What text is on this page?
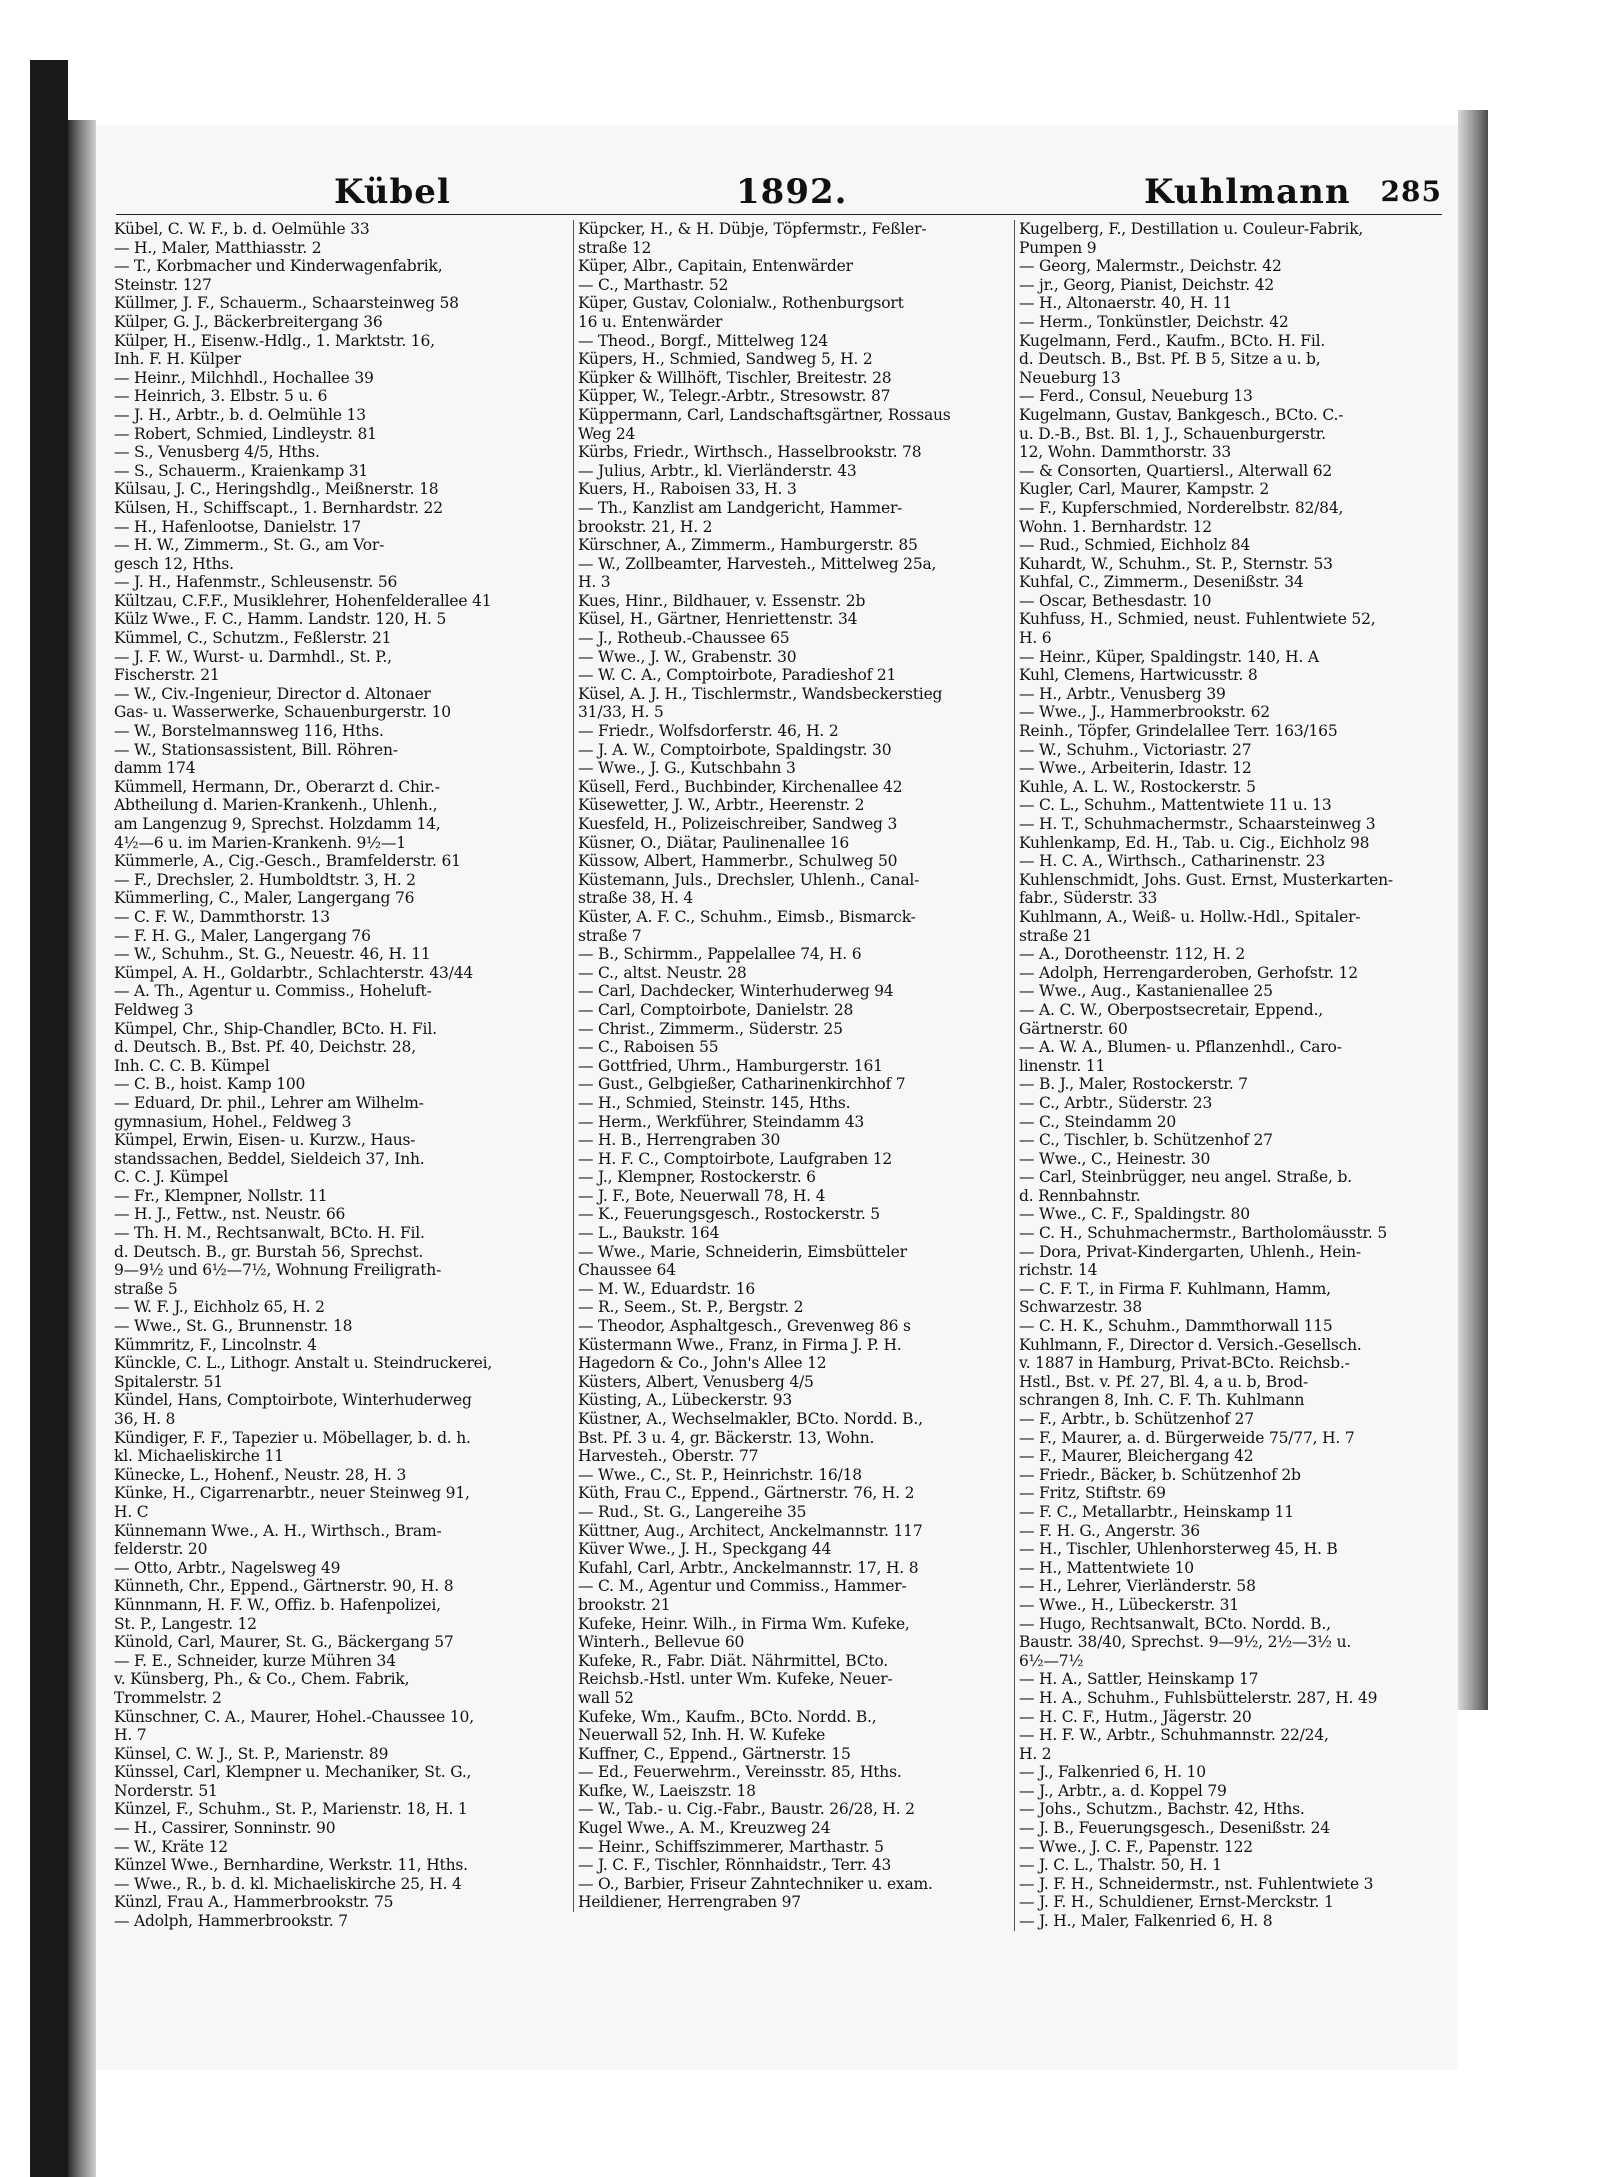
Kübel	1892.	Kuhlmann 285
Kübel, C. W. F., b. d. Oelmühle 33
— H., Maler, Matthiasstr. 2
— T., Korbmacher und Kinderwagenfabrik,
Steinstr. 127
Küllmer, J. F., Schauerm., Schaarsteinweg 58
Külper, G. J., Bäckerbreitergang 36
Külper, H., Eisenw.-Hdlg., 1. Marktstr. 16,
Inh. F. H. Külper
— Heinr., Milchhdl., Hochallee 39
— Heinrich, 3. Elbstr. 5 u. 6
— J. H., Arbtr., b. d. Oelmühle 13
— Robert, Schmied, Lindleystr. 81
— S., Venusberg 4/5, Hths.
— S., Schauerm., Kraienkamp 31
Külsau, J. C., Heringshdlg., Meißnerstr. 18
Külsen, H., Schiffscapt., 1. Bernhardstr. 22
— H., Hafenlootse, Danielstr. 17
— H. W., Zimmerm., St. G., am Vor-
gesch 12, Hths.
— J. H., Hafenmstr., Schleusenstr. 56
Kültzau, C.F.F., Musiklehrer, Hohenfelderallee 41
Külz Wwe., F. C., Hamm. Landstr. 120, H. 5
Kümmel, C., Schutzm., Feßlerstr. 21
— J. F. W., Wurst- u. Darmhdl., St. P.,
Fischerstr. 21
— W., Civ.-Ingenieur, Director d. Altonaer
Gas- u. Wasserwerke, Schauenburgerstr. 10
— W., Borstelmannsweg 116, Hths.
— W., Stationsassistent, Bill. Röhren-
damm 174
Kümmell, Hermann, Dr., Oberarzt d. Chir.-
Abtheilung d. Marien-Krankenh., Uhlenh.,
am Langenzug 9, Sprechst. Holzdamm 14,
4½—6 u. im Marien-Krankenh. 9½—1
Kümmerle, A., Cig.-Gesch., Bramfelderstr. 61
— F., Drechsler, 2. Humboldtstr. 3, H. 2
Kümmerling, C., Maler, Langergang 76
— C. F. W., Dammthorstr. 13
— F. H. G., Maler, Langergang 76
— W., Schuhm., St. G., Neuestr. 46, H. 11
Kümpel, A. H., Goldarbtr., Schlachterstr. 43/44
— A. Th., Agentur u. Commiss., Hoheluft-
Feldweg 3
Kümpel, Chr., Ship-Chandler, BCto. H. Fil.
d. Deutsch. B., Bst. Pf. 40, Deichstr. 28,
Inh. C. C. B. Kümpel
— C. B., hoist. Kamp 100
— Eduard, Dr. phil., Lehrer am Wilhelm-
gymnasium, Hohel., Feldweg 3
Kümpel, Erwin, Eisen- u. Kurzw., Haus-
standssachen, Beddel, Sieldeich 37, Inh.
C. C. J. Kümpel
— Fr., Klempner, Nollstr. 11
— H. J., Fettw., nst. Neustr. 66
— Th. H. M., Rechtsanwalt, BCto. H. Fil.
d. Deutsch. B., gr. Burstah 56, Sprechst.
9—9½ und 6½—7½, Wohnung Freiligrath-
straße 5
— W. F. J., Eichholz 65, H. 2
— Wwe., St. G., Brunnenstr. 18
Kümmritz, F., Lincolnstr. 4
Künckle, C. L., Lithogr. Anstalt u. Steindruckerei,
Spitalerstr. 51
Kündel, Hans, Comptoirbote, Winterhuderweg
36, H. 8
Kündiger, F. F., Tapezier u. Möbellager, b. d. h.
kl. Michaeliskirche 11
Künecke, L., Hohenf., Neustr. 28, H. 3
Künke, H., Cigarrenarbtr., neuer Steinweg 91,
H. C
Künnemann Wwe., A. H., Wirthsch., Bram-
felderstr. 20
— Otto, Arbtr., Nagelsweg 49
Künneth, Chr., Eppend., Gärtnerstr. 90, H. 8
Künnmann, H. F. W., Offiz. b. Hafenpolizei,
St. P., Langestr. 12
Künold, Carl, Maurer, St. G., Bäckergang 57
— F. E., Schneider, kurze Mühren 34
v. Künsberg, Ph., & Co., Chem. Fabrik,
Trommelstr. 2
Künschner, C. A., Maurer, Hohel.-Chaussee 10,
H. 7
Künsel, C. W. J., St. P., Marienstr. 89
Künssel, Carl, Klempner u. Mechaniker, St. G.,
Norderstr. 51
Künzel, F., Schuhm., St. P., Marienstr. 18, H. 1
— H., Cassirer, Sonninstr. 90
— W., Kräte 12
Künzel Wwe., Bernhardine, Werkstr. 11, Hths.
— Wwe., R., b. d. kl. Michaeliskirche 25, H. 4
Künzl, Frau A., Hammerbrookstr. 75
— Adolph, Hammerbrookstr. 7
Küpcker, H., & H. Dübje, Töpfermstr., Feßler-
straße 12
Küper, Albr., Capitain, Entenwärder
— C., Marthastr. 52
Küper, Gustav, Colonialw., Rothenburgsort
16 u. Entenwärder
— Theod., Borgf., Mittelweg 124
Küpers, H., Schmied, Sandweg 5, H. 2
Küpker & Willhöft, Tischler, Breitestr. 28
Küpper, W., Telegr.-Arbtr., Stresowstr. 87
Küppermann, Carl, Landschaftsgärtner, Rossaus
Weg 24
Kürbs, Friedr., Wirthsch., Hasselbrookstr. 78
— Julius, Arbtr., kl. Vierländerstr. 43
Kuers, H., Raboisen 33, H. 3
— Th., Kanzlist am Landgericht, Hammer-
brookstr. 21, H. 2
Kürschner, A., Zimmerm., Hamburgerstr. 85
— W., Zollbeamter, Harvesteh., Mittelweg 25a,
H. 3
Kues, Hinr., Bildhauer, v. Essenstr. 2b
Küsel, H., Gärtner, Henriettenstr. 34
— J., Rotheub.-Chaussee 65
— Wwe., J. W., Grabenstr. 30
— W. C. A., Comptoirbote, Paradieshof 21
Küsel, A. J. H., Tischlermstr., Wandsbeckerstieg
31/33, H. 5
— Friedr., Wolfsdorferstr. 46, H. 2
— J. A. W., Comptoirbote, Spaldingstr. 30
— Wwe., J. G., Kutschbahn 3
Küsell, Ferd., Buchbinder, Kirchenallee 42
Küsewetter, J. W., Arbtr., Heerenstr. 2
Kuesfeld, H., Polizeischreiber, Sandweg 3
Küsner, O., Diätar, Paulinenallee 16
Küssow, Albert, Hammerbr., Schulweg 50
Küstemann, Juls., Drechsler, Uhlenh., Canal-
straße 38, H. 4
Küster, A. F. C., Schuhm., Eimsb., Bismarck-
straße 7
— B., Schirmm., Pappelallee 74, H. 6
— C., altst. Neustr. 28
— Carl, Dachdecker, Winterhuderweg 94
— Carl, Comptoirbote, Danielstr. 28
— Christ., Zimmerm., Süderstr. 25
— C., Raboisen 55
— Gottfried, Uhrm., Hamburgerstr. 161
— Gust., Gelbgießer, Catharinenkirchhof 7
— H., Schmied, Steinstr. 145, Hths.
— Herm., Werkführer, Steindamm 43
— H. B., Herrengraben 30
— H. F. C., Comptoirbote, Laufgraben 12
— J., Klempner, Rostockerstr. 6
— J. F., Bote, Neuerwall 78, H. 4
— K., Feuerungsgesch., Rostockerstr. 5
— L., Baukstr. 164
— Wwe., Marie, Schneiderin, Eimsbütteler
Chaussee 64
— M. W., Eduardstr. 16
— R., Seem., St. P., Bergstr. 2
— Theodor, Asphaltgesch., Grevenweg 86 s
Küstermann Wwe., Franz, in Firma J. P. H.
Hagedorn & Co., John's Allee 12
Küsters, Albert, Venusberg 4/5
Küsting, A., Lübeckerstr. 93
Küstner, A., Wechselmakler, BCto. Nordd. B.,
Bst. Pf. 3 u. 4, gr. Bäckerstr. 13, Wohn.
Harvesteh., Oberstr. 77
— Wwe., C., St. P., Heinrichstr. 16/18
Küth, Frau C., Eppend., Gärtnerstr. 76, H. 2
— Rud., St. G., Langereihe 35
Küttner, Aug., Architect, Anckelmannstr. 117
Küver Wwe., J. H., Speckgang 44
Kufahl, Carl, Arbtr., Anckelmannstr. 17, H. 8
— C. M., Agentur und Commiss., Hammer-
brookstr. 21
Kufeke, Heinr. Wilh., in Firma Wm. Kufeke,
Winterh., Bellevue 60
Kufeke, R., Fabr. Diät. Nährmittel, BCto.
Reichsb.-Hstl. unter Wm. Kufeke, Neuer-
wall 52
Kufeke, Wm., Kaufm., BCto. Nordd. B.,
Neuerwall 52, Inh. H. W. Kufeke
Kuffner, C., Eppend., Gärtnerstr. 15
— Ed., Feuerwehrm., Vereinsstr. 85, Hths.
Kufke, W., Laeiszstr. 18
— W., Tab.- u. Cig.-Fabr., Baustr. 26/28, H. 2
Kugel Wwe., A. M., Kreuzweg 24
— Heinr., Schiffszimmerer, Marthastr. 5
— J. C. F., Tischler, Rönnhaidstr., Terr. 43
— O., Barbier, Friseur Zahntechniker u. exam.
Heildiener, Herrengraben 97
Kugelberg, F., Destillation u. Couleur-Fabrik,
Pumpen 9
— Georg, Malermstr., Deichstr. 42
— jr., Georg, Pianist, Deichstr. 42
— H., Altonaerstr. 40, H. 11
— Herm., Tonkünstler, Deichstr. 42
Kugelmann, Ferd., Kaufm., BCto. H. Fil.
d. Deutsch. B., Bst. Pf. B 5, Sitze a u. b,
Neueburg 13
— Ferd., Consul, Neueburg 13
Kugelmann, Gustav, Bankgesch., BCto. C.-
u. D.-B., Bst. Bl. 1, J., Schauenburgerstr.
12, Wohn. Dammthorstr. 33
— & Consorten, Quartiersl., Alterwall 62
Kugler, Carl, Maurer, Kampstr. 2
— F., Kupferschmied, Norderelbstr. 82/84,
Wohn. 1. Bernhardstr. 12
— Rud., Schmied, Eichholz 84
Kuhardt, W., Schuhm., St. P., Sternstr. 53
Kuhfal, C., Zimmerm., Desenißstr. 34
— Oscar, Bethesdastr. 10
Kuhfuss, H., Schmied, neust. Fuhlentwiete 52,
H. 6
— Heinr., Küper, Spaldingstr. 140, H. A
Kuhl, Clemens, Hartwicusstr. 8
— H., Arbtr., Venusberg 39
— Wwe., J., Hammerbrookstr. 62
Reinh., Töpfer, Grindelallee Terr. 163/165
— W., Schuhm., Victoriastr. 27
— Wwe., Arbeiterin, Idastr. 12
Kuhle, A. L. W., Rostockerstr. 5
— C. L., Schuhm., Mattentwiete 11 u. 13
— H. T., Schuhmachermstr., Schaarsteinweg 3
Kuhlenkamp, Ed. H., Tab. u. Cig., Eichholz 98
— H. C. A., Wirthsch., Catharinenstr. 23
Kuhlenschmidt, Johs. Gust. Ernst, Musterkarten-
fabr., Süderstr. 33
Kuhlmann, A., Weiß- u. Hollw.-Hdl., Spitaler-
straße 21
— A., Dorotheenstr. 112, H. 2
— Adolph, Herrengarderoben, Gerhofstr. 12
— Wwe., Aug., Kastanienallee 25
— A. C. W., Oberpostsecretair, Eppend.,
Gärtnerstr. 60
— A. W. A., Blumen- u. Pflanzenhdl., Caro-
linenstr. 11
— B. J., Maler, Rostockerstr. 7
— C., Arbtr., Süderstr. 23
— C., Steindamm 20
— C., Tischler, b. Schützenhof 27
— Wwe., C., Heinestr. 30
— Carl, Steinbrügger, neu angel. Straße, b.
d. Rennbahnstr.
— Wwe., C. F., Spaldingstr. 80
— C. H., Schuhmachermstr., Bartholomäusstr. 5
— Dora, Privat-Kindergarten, Uhlenh., Hein-
richstr. 14
— C. F. T., in Firma F. Kuhlmann, Hamm,
Schwarzestr. 38
— C. H. K., Schuhm., Dammthorwall 115
Kuhlmann, F., Director d. Versich.-Gesellsch.
v. 1887 in Hamburg, Privat-BCto. Reichsb.-
Hstl., Bst. v. Pf. 27, Bl. 4, a u. b, Brod-
schrangen 8, Inh. C. F. Th. Kuhlmann
— F., Arbtr., b. Schützenhof 27
— F., Maurer, a. d. Bürgerweide 75/77, H. 7
— F., Maurer, Bleichergang 42
— Friedr., Bäcker, b. Schützenhof 2b
— Fritz, Stiftstr. 69
— F. C., Metallarbtr., Heinskamp 11
— F. H. G., Angerstr. 36
— H., Tischler, Uhlenhorsterweg 45, H. B
— H., Mattentwiete 10
— H., Lehrer, Vierländerstr. 58
— Wwe., H., Lübeckerstr. 31
— Hugo, Rechtsanwalt, BCto. Nordd. B.,
Baustr. 38/40, Sprechst. 9—9½, 2½—3½ u.
6½—7½
— H. A., Sattler, Heinskamp 17
— H. A., Schuhm., Fuhlsbüttelerstr. 287, H. 49
— H. C. F., Hutm., Jägerstr. 20
— H. F. W., Arbtr., Schuhmannstr. 22/24,
H. 2
— J., Falkenried 6, H. 10
— J., Arbtr., a. d. Koppel 79
— Johs., Schutzm., Bachstr. 42, Hths.
— J. B., Feuerungsgesch., Desenißstr. 24
— Wwe., J. C. F., Papenstr. 122
— J. C. L., Thalstr. 50, H. 1
— J. F. H., Schneidermstr., nst. Fuhlentwiete 3
— J. F. H., Schuldiener, Ernst-Merckstr. 1
— J. H., Maler, Falkenried 6, H. 8
